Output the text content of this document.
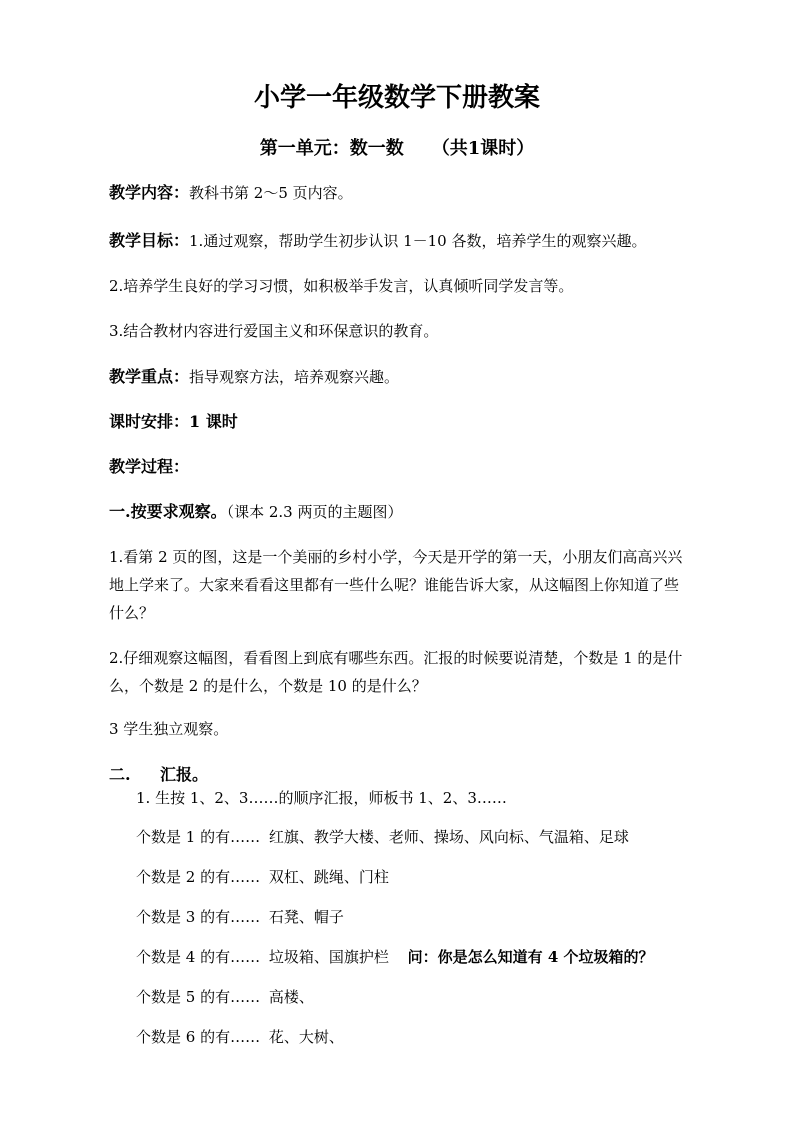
小学一年级数学下册教案
第一单元：数一数 （共1课时）
教学内容：教科书第 2～5 页内容。
教学目标：1.通过观察，帮助学生初步认识 1－10 各数，培养学生的观察兴趣。
2.培养学生良好的学习习惯，如积极举手发言，认真倾听同学发言等。
3.结合教材内容进行爱国主义和环保意识的教育。
教学重点：指导观察方法，培养观察兴趣。
课时安排：1 课时
教学过程：
一.按要求观察。（课本 2.3 两页的主题图）
1.看第 2 页的图，这是一个美丽的乡村小学，今天是开学的第一天，小朋友们高高兴兴
地上学来了。大家来看看这里都有一些什么呢？谁能告诉大家，从这幅图上你知道了些
什么？
2.仔细观察这幅图，看看图上到底有哪些东西。汇报的时候要说清楚，个数是 1 的是什
么，个数是 2 的是什么，个数是 10 的是什么？
3 学生独立观察。
二. 汇报。
1. 生按 1、2、3……的顺序汇报，师板书 1、2、3……
个数是 1 的有…… 红旗、教学大楼、老师、操场、风向标、气温箱、足球
个数是 2 的有…… 双杠、跳绳、门柱
个数是 3 的有…… 石凳、帽子
个数是 4 的有…… 垃圾箱、国旗护栏 问：你是怎么知道有 4 个垃圾箱的？
个数是 5 的有…… 高楼、
个数是 6 的有…… 花、大树、
